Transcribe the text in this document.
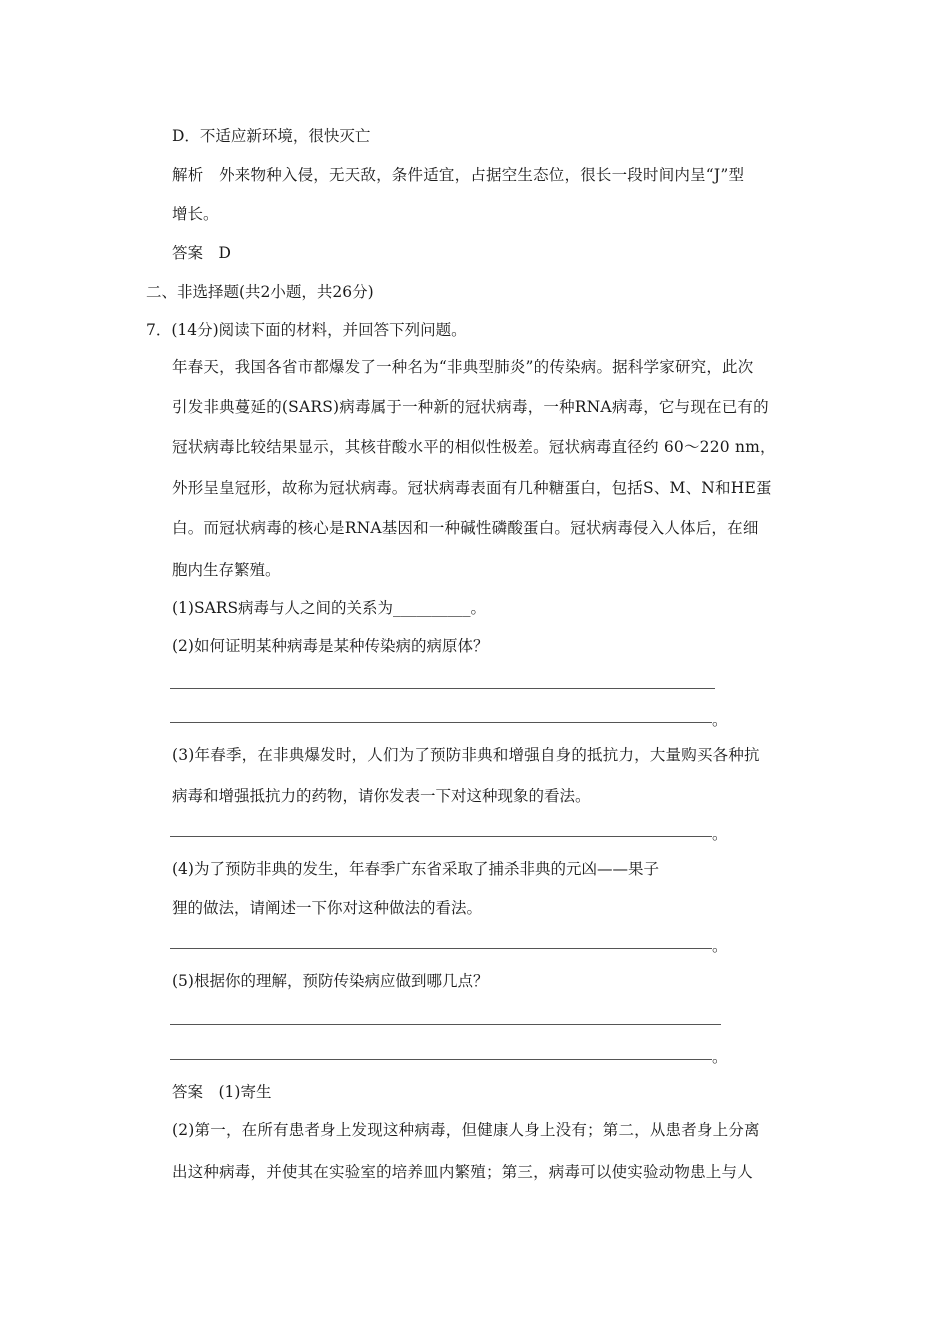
D．不适应新环境，很快灭亡
解析　外来物种入侵，无天敌，条件适宜，占据空生态位，很长一段时间内呈“J”型
增长。
答案　D
二、非选择题(共2小题，共26分)
7．(14分)阅读下面的材料，并回答下列问题。
年春天，我国各省市都爆发了一种名为“非典型肺炎”的传染病。据科学家研究，此次
引发非典蔓延的(SARS)病毒属于一种新的冠状病毒，一种RNA病毒，它与现在已有的
冠状病毒比较结果显示，其核苷酸水平的相似性极差。冠状病毒直径约 60～220 nm，
外形呈皇冠形，故称为冠状病毒。冠状病毒表面有几种糖蛋白，包括S、M、N和HE蛋
白。而冠状病毒的核心是RNA基因和一种碱性磷酸蛋白。冠状病毒侵入人体后，在细
胞内生存繁殖。
(1)SARS病毒与人之间的关系为__________。
(2)如何证明某种病毒是某种传染病的病原体？
。
(3)年春季，在非典爆发时，人们为了预防非典和增强自身的抵抗力，大量购买各种抗
病毒和增强抵抗力的药物，请你发表一下对这种现象的看法。
。
(4)为了预防非典的发生，年春季广东省采取了捕杀非典的元凶——果子
狸的做法，请阐述一下你对这种做法的看法。
。
(5)根据你的理解，预防传染病应做到哪几点？
。
答案　(1)寄生
(2)第一，在所有患者身上发现这种病毒，但健康人身上没有；第二，从患者身上分离
出这种病毒，并使其在实验室的培养皿内繁殖；第三，病毒可以使实验动物患上与人
